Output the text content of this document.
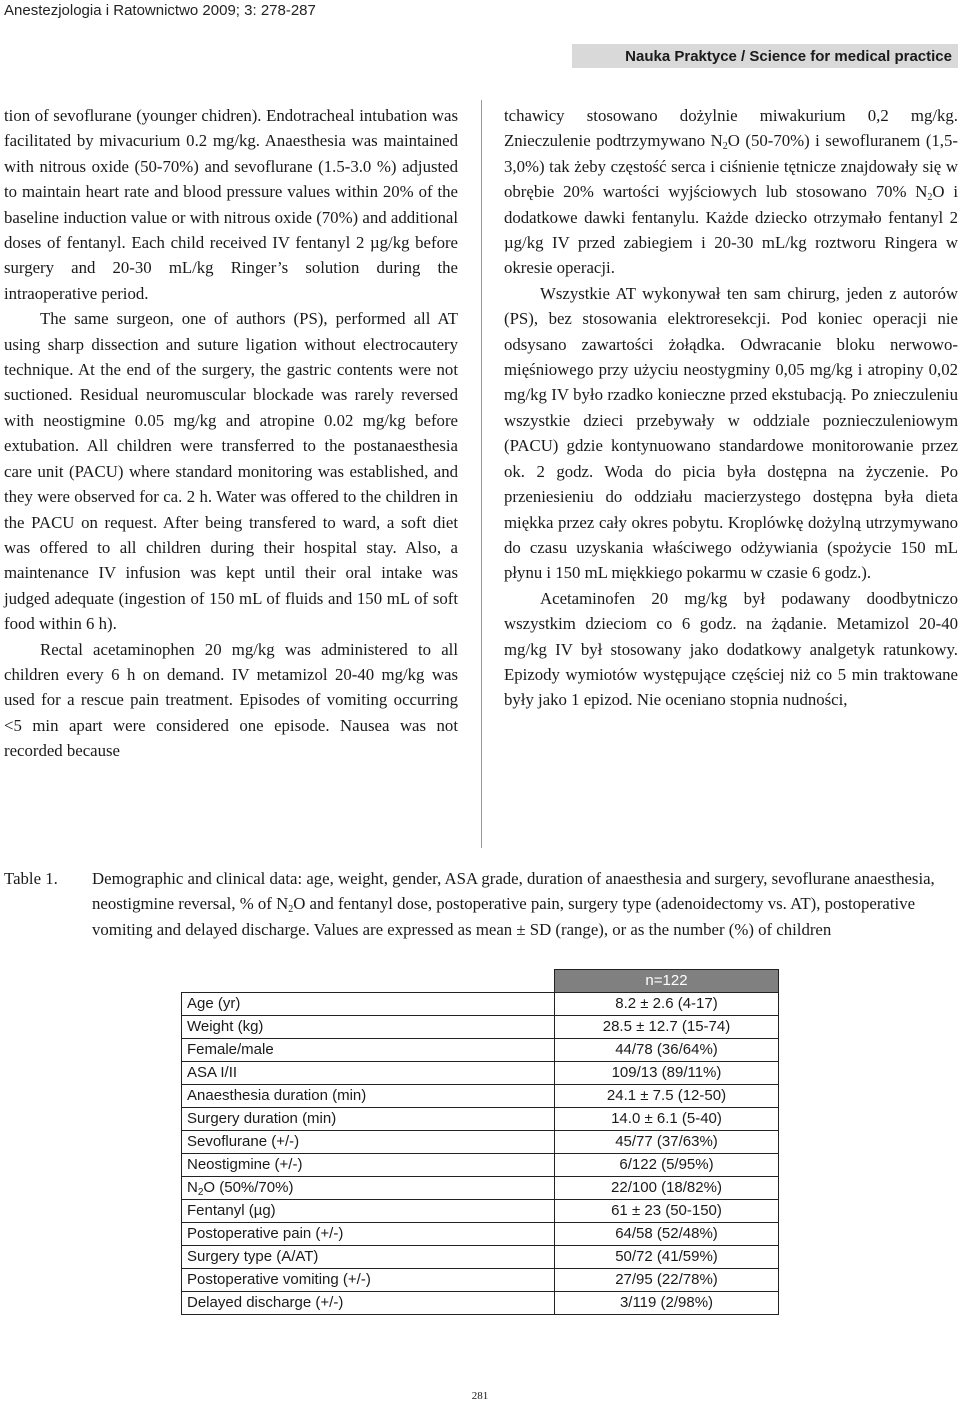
Anestezjologia i Ratownictwo 2009; 3: 278-287
Nauka Praktyce / Science for medical practice

tion of sevoflurane (younger chidren). Endotracheal intubation was facilitated by mivacurium 0.2 mg/kg. Anaesthesia was maintained with nitrous oxide (50-70%) and sevoflurane (1.5-3.0 %) adjusted to maintain heart rate and blood pressure values within 20% of the baseline induction value or with nitrous oxide (70%) and additional doses of fentanyl. Each child received IV fentanyl 2 µg/kg before surgery and 20-30 mL/kg Ringer’s solution during the intraoperative period.

The same surgeon, one of authors (PS), performed all AT using sharp dissection and suture ligation without electrocautery technique. At the end of the surgery, the gastric contents were not suctioned. Residual neuromuscular blockade was rarely reversed with neostigmine 0.05 mg/kg and atropine 0.02 mg/kg before extubation. All children were transferred to the postanaesthesia care unit (PACU) where standard monitoring was established, and they were observed for ca. 2 h. Water was offered to the children in the PACU on request. After being transfered to ward, a soft diet was offered to all children during their hospital stay. Also, a maintenance IV infusion was kept until their oral intake was judged adequate (ingestion of 150 mL of fluids and 150 mL of soft food within 6 h).

Rectal acetaminophen 20 mg/kg was administered to all children every 6 h on demand. IV metamizol 20-40 mg/kg was used for a rescue pain treatment. Episodes of vomiting occurring <5 min apart were considered one episode. Nausea was not recorded because

tchawicy stosowano dożylnie miwakurium 0,2 mg/kg. Znieczulenie podtrzymywano $N_2O$ (50-70%) i sewofluranem (1,5-3,0%) tak żeby częstość serca i ciśnienie tętnicze znajdowały się w obrębie 20% wartości wyjściowych lub stosowano 70% $N_2O$ i dodatkowe dawki fentanylu. Każde dziecko otrzymało fentanyl 2 µg/kg IV przed zabiegiem i 20-30 mL/kg roztworu Ringera w okresie operacji.

Wszystkie AT wykonywał ten sam chirurg, jeden z autorów (PS), bez stosowania elektroresekcji. Pod koniec operacji nie odsysano zawartości żołądka. Odwracanie bloku nerwowo-mięśniowego przy użyciu neostygminy 0,05 mg/kg i atropiny 0,02 mg/kg IV było rzadko konieczne przed ekstubacją. Po znieczuleniu wszystkie dzieci przebywały w oddziale poznieczuleniowym (PACU) gdzie kontynuowano standardowe monitorowanie przez ok. 2 godz. Woda do picia była dostępna na życzenie. Po przeniesieniu do oddziału macierzystego dostępna była dieta miękka przez cały okres pobytu. Kroplówkę dożylną utrzymywano do czasu uzyskania właściwego odżywiania (spożycie 150 mL płynu i 150 mL miękkiego pokarmu w czasie 6 godz.).

Acetaminofen 20 mg/kg był podawany doodbytniczo wszystkim dzieciom co 6 godz. na żądanie. Metamizol 20-40 mg/kg IV był stosowany jako dodatkowy analgetyk ratunkowy. Epizody wymiotów występujące częściej niż co 5 min traktowane były jako 1 epizod. Nie oceniano stopnia nudności,

Table 1. Demographic and clinical data: age, weight, gender, ASA grade, duration of anaesthesia and surgery, sevoflurane anaesthesia, neostigmine reversal, % of $N_2O$ and fentanyl dose, postoperative pain, surgery type (adenoidectomy vs. AT), postoperative vomiting and delayed discharge. Values are expressed as mean ± SD (range), or as the number (%) of children
	n=122
Age (yr)	8.2 ± 2.6 (4-17)
Weight (kg)	28.5 ± 12.7 (15-74)
Female/male	44/78 (36/64%)
ASA I/II	109/13 (89/11%)
Anaesthesia duration (min)	24.1 ± 7.5 (12-50)
Surgery duration (min)	14.0 ± 6.1 (5-40)
Sevoflurane (+/-)	45/77 (37/63%)
Neostigmine (+/-)	6/122 (5/95%)
$N_2O$ (50%/70%)	22/100 (18/82%)
Fentanyl (µg)	61 ± 23 (50-150)
Postoperative pain (+/-)	64/58 (52/48%)
Surgery type (A/AT)	50/72 (41/59%)
Postoperative vomiting (+/-)	27/95 (22/78%)
Delayed discharge (+/-)	3/119 (2/98%)
281
